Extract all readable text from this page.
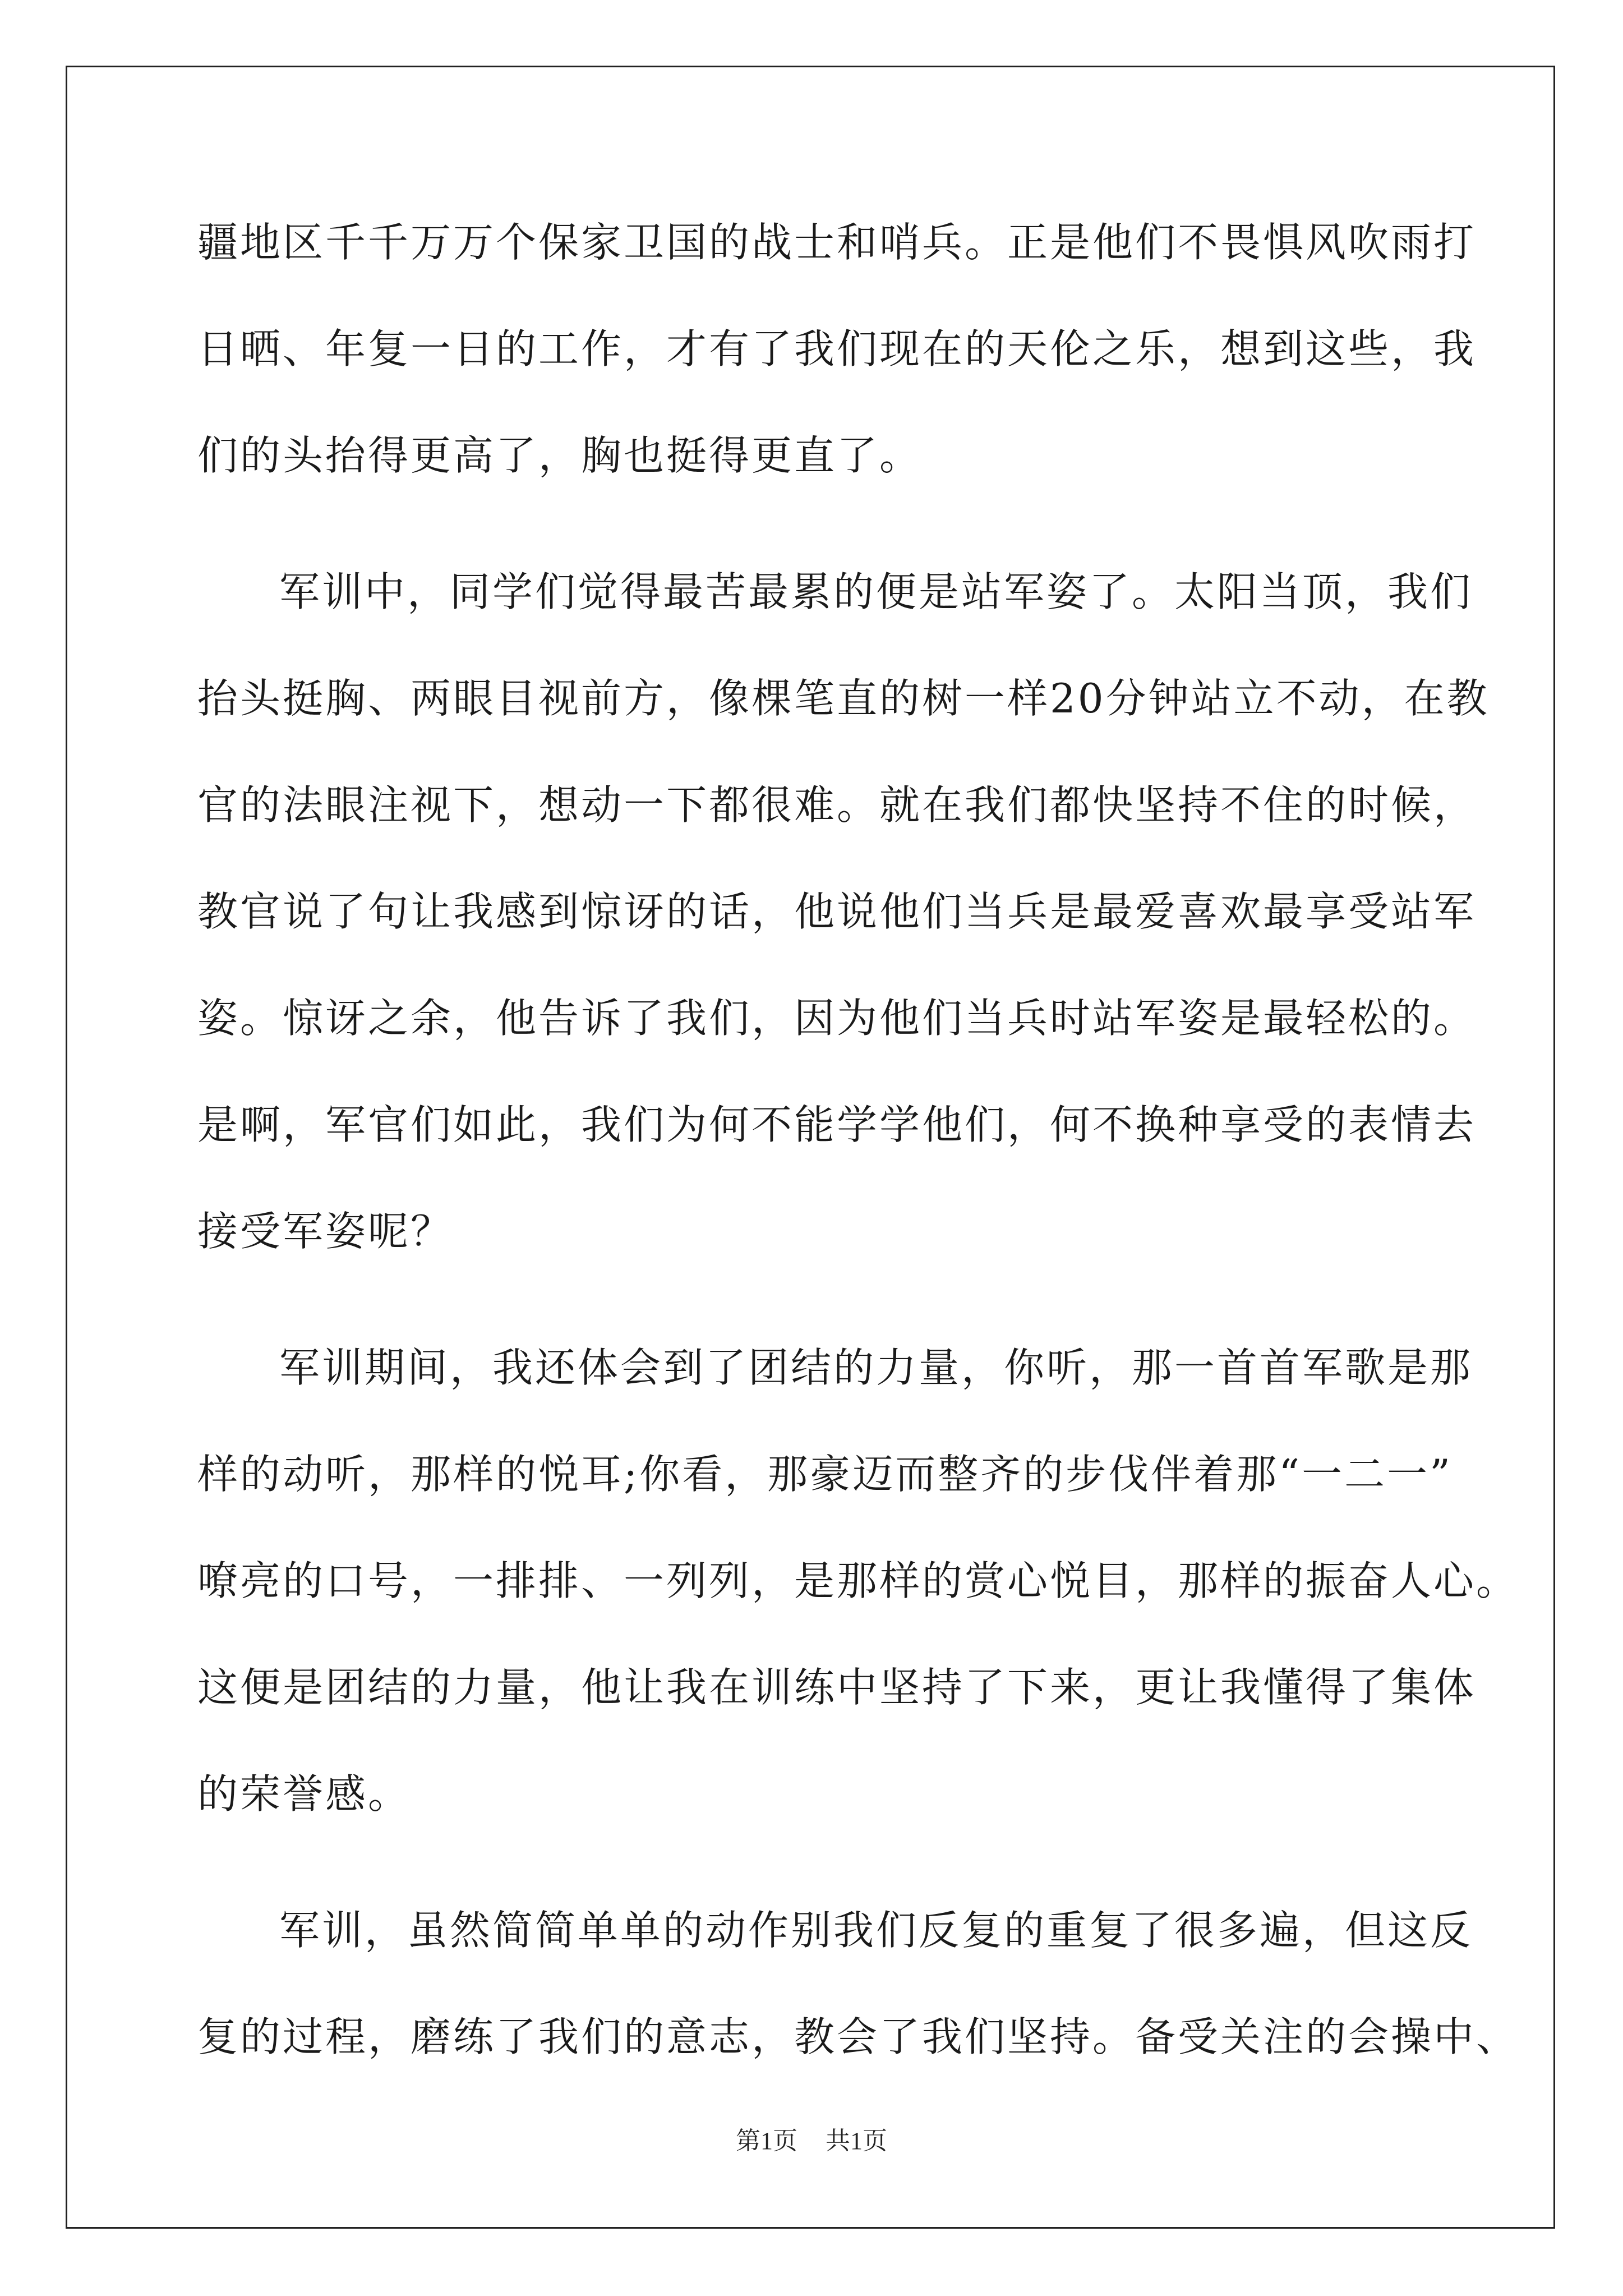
疆地区千千万万个保家卫国的战士和哨兵。正是他们不畏惧风吹雨打
日晒、年复一日的工作，才有了我们现在的天伦之乐，想到这些，我
们的头抬得更高了，胸也挺得更直了。
军训中，同学们觉得最苦最累的便是站军姿了。太阳当顶，我们
抬头挺胸、两眼目视前方，像棵笔直的树一样20分钟站立不动，在教
官的法眼注视下，想动一下都很难。就在我们都快坚持不住的时候，
教官说了句让我感到惊讶的话，他说他们当兵是最爱喜欢最享受站军
姿。惊讶之余，他告诉了我们，因为他们当兵时站军姿是最轻松的。
是啊，军官们如此，我们为何不能学学他们，何不换种享受的表情去
接受军姿呢？
军训期间，我还体会到了团结的力量，你听，那一首首军歌是那
样的动听，那样的悦耳;你看，那豪迈而整齐的步伐伴着那“一二一”
嘹亮的口号，一排排、一列列，是那样的赏心悦目，那样的振奋人心。
这便是团结的力量，他让我在训练中坚持了下来，更让我懂得了集体
的荣誉感。
军训，虽然简简单单的动作别我们反复的重复了很多遍，但这反
复的过程，磨练了我们的意志，教会了我们坚持。备受关注的会操中、
第1页 共1页
